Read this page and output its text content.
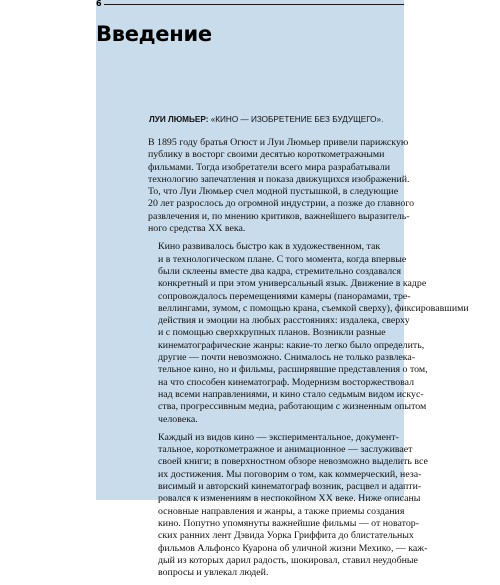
6
Введение
ЛУИ ЛЮМЬЕР: «КИНО — ИЗОБРЕТЕНИЕ БЕЗ БУДУЩЕГО».

В 1895 году братья Огюст и Луи Люмьер привели парижскую
публику в восторг своими десятью короткометражными
фильмами. Тогда изобретатели всего мира разрабатывали
технологию запечатления и показа движущихся изображений.
То, что Луи Люмьер счел модной пустышкой, в следующие
20 лет разрослось до огромной индустрии, а позже до главного
развлечения и, по мнению критиков, важнейшего выразитель-
ного средства XX века.

Кино развивалось быстро как в художественном, так
и в технологическом плане. С того момента, когда впервые
были склеены вместе два кадра, стремительно создавался
конкретный и при этом универсальный язык. Движение в кадре
сопровождалось перемещениями камеры (панорамами, тре-
веллингами, зумом, с помощью крана, съемкой сверху), фиксировавшими
действия и эмоции на любых расстояниях: издалека, сверху
и с помощью сверхкрупных планов. Возникли разные
кинематографические жанры: какие-то легко было определить,
другие — почти невозможно. Снималось не только развлека-
тельное кино, но и фильмы, расширявшие представления о том,
на что способен кинематограф. Модернизм восторжествовал
над всеми направлениями, и кино стало седьмым видом искус-
ства, прогрессивным медиа, работающим с жизненным опытом
человека.

Каждый из видов кино — экспериментальное, документ-
тальное, короткометражное и анимационное — заслуживает
своей книги; в поверхностном обзоре невозможно выделить все
их достижения. Мы поговорим о том, как коммерческий, неза-
висимый и авторский кинематограф возник, расцвел и адапти-
ровался к изменениям в неспокойном XX веке. Ниже описаны
основные направления и жанры, а также приемы создания
кино. Попутно упомянуты важнейшие фильмы — от новатор-
ских ранних лент Дэвида Уорка Гриффита до блистательных
фильмов Альфонсо Куарона об уличной жизни Мехико, — каж-
дый из которых дарил радость, шокировал, ставил неудобные
вопросы и увлекал людей.
